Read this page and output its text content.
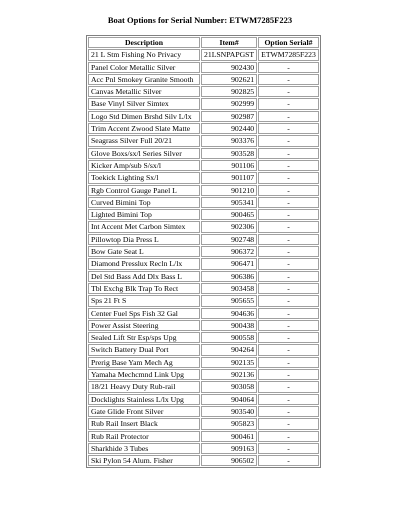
Boat Options for Serial Number: ETWM7285F223
Description	Item#	Option Serial#
21 L Stm Fishing No Privacy	21LSNPAPGST	ETWM7285F223
Panel Color Metallic Silver	902430	-
Acc Pnl Smokey Granite Smooth	902621	-
Canvas Metallic Silver	902825	-
Base Vinyl Silver Simtex	902999	-
Logo Std Dimen Brshd Silv L/lx	902987	-
Trim Accent Zwood Slate Matte	902440	-
Seagrass Silver Full 20/21	903376	-
Glove Boxs/sx/l Series Silver	903528	-
Kicker Amp/sub S/sx/l	901106	-
Toekick Lighting Sx/l	901107	-
Rgb Control Gauge Panel L	901210	-
Curved Bimini Top	905341	-
Lighted Bimini Top	900465	-
Int Accent Met Carbon Simtex	902306	-
Pillowtop Dia Press L	902748	-
Bow Gate Seat L	906372	-
Diamond Presslux Recln L/lx	906471	-
Del Std Bass Add Dlx Bass L	906386	-
Tbl Exchg Blk Trap To Rect	903458	-
Sps 21 Ft S	905655	-
Center Fuel Sps Fish 32 Gal	904636	-
Power Assist Steering	900438	-
Sealed Lift Str Esp/sps Upg	900558	-
Switch Battery Dual Port	904264	-
Prerig Base Yam Mech Ag	902135	-
Yamaha Mechcmnd Link Upg	902136	-
18/21 Heavy Duty Rub-rail	903058	-
Docklights Stainless L/lx Upg	904064	-
Gate Glide Front Silver	903540	-
Rub Rail Insert Black	905823	-
Rub Rail Protector	900461	-
Sharkhide 3 Tubes	909163	-
Ski Pylon 54 Alum. Fisher	906502	-
